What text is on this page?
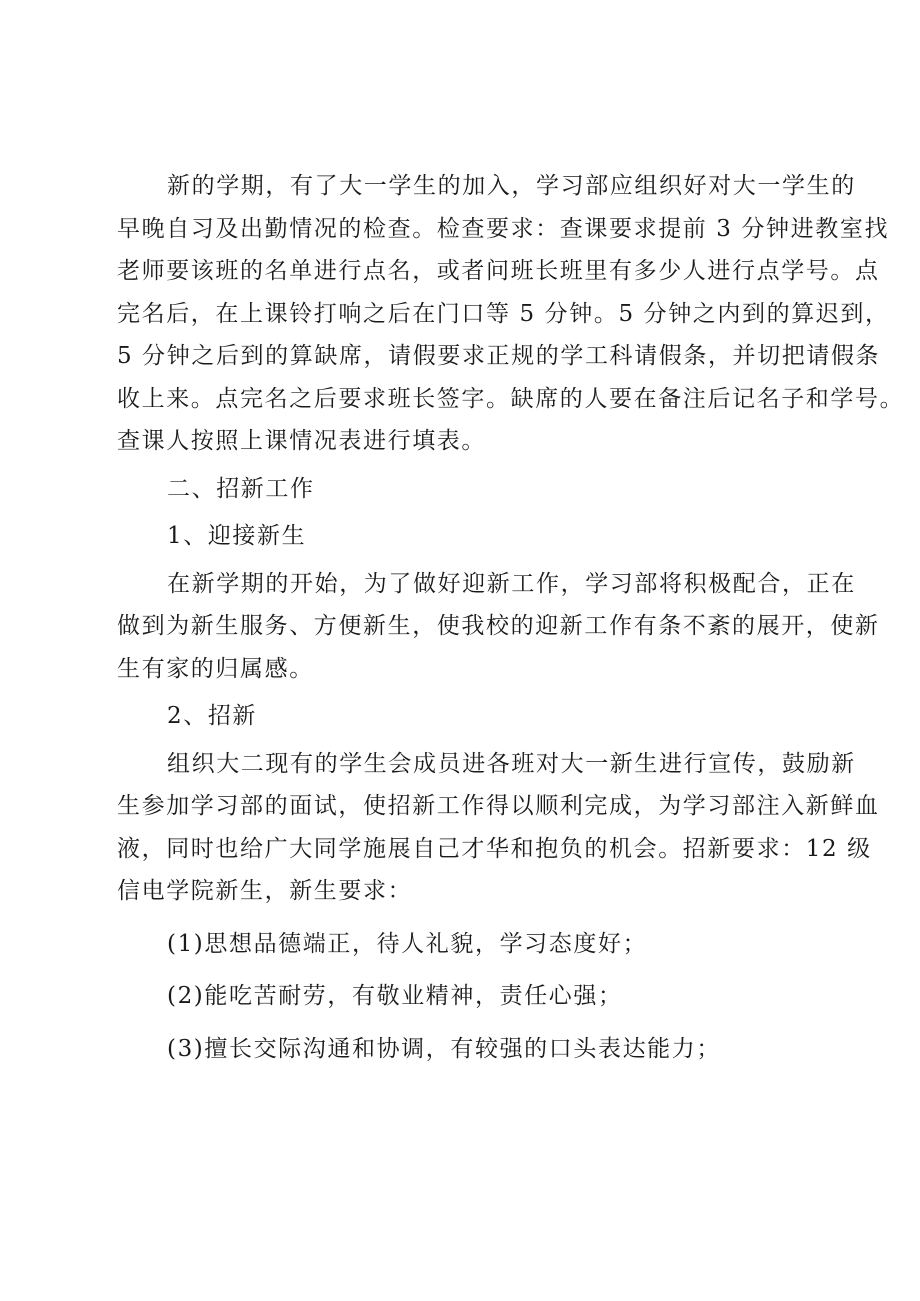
新的学期，有了大一学生的加入，学习部应组织好对大一学生的
早晚自习及出勤情况的检查。检查要求：查课要求提前 3 分钟进教室找
老师要该班的名单进行点名，或者问班长班里有多少人进行点学号。点
完名后，在上课铃打响之后在门口等 5 分钟。5 分钟之内到的算迟到，
5 分钟之后到的算缺席，请假要求正规的学工科请假条，并切把请假条
收上来。点完名之后要求班长签字。缺席的人要在备注后记名子和学号。
查课人按照上课情况表进行填表。
二、招新工作
1、迎接新生
在新学期的开始，为了做好迎新工作，学习部将积极配合，正在
做到为新生服务、方便新生，使我校的迎新工作有条不紊的展开，使新
生有家的归属感。
2、招新
组织大二现有的学生会成员进各班对大一新生进行宣传，鼓励新
生参加学习部的面试，使招新工作得以顺利完成，为学习部注入新鲜血
液，同时也给广大同学施展自己才华和抱负的机会。招新要求：12 级
信电学院新生，新生要求：
(1)思想品德端正，待人礼貌，学习态度好；
(2)能吃苦耐劳，有敬业精神，责任心强；
(3)擅长交际沟通和协调，有较强的口头表达能力；
